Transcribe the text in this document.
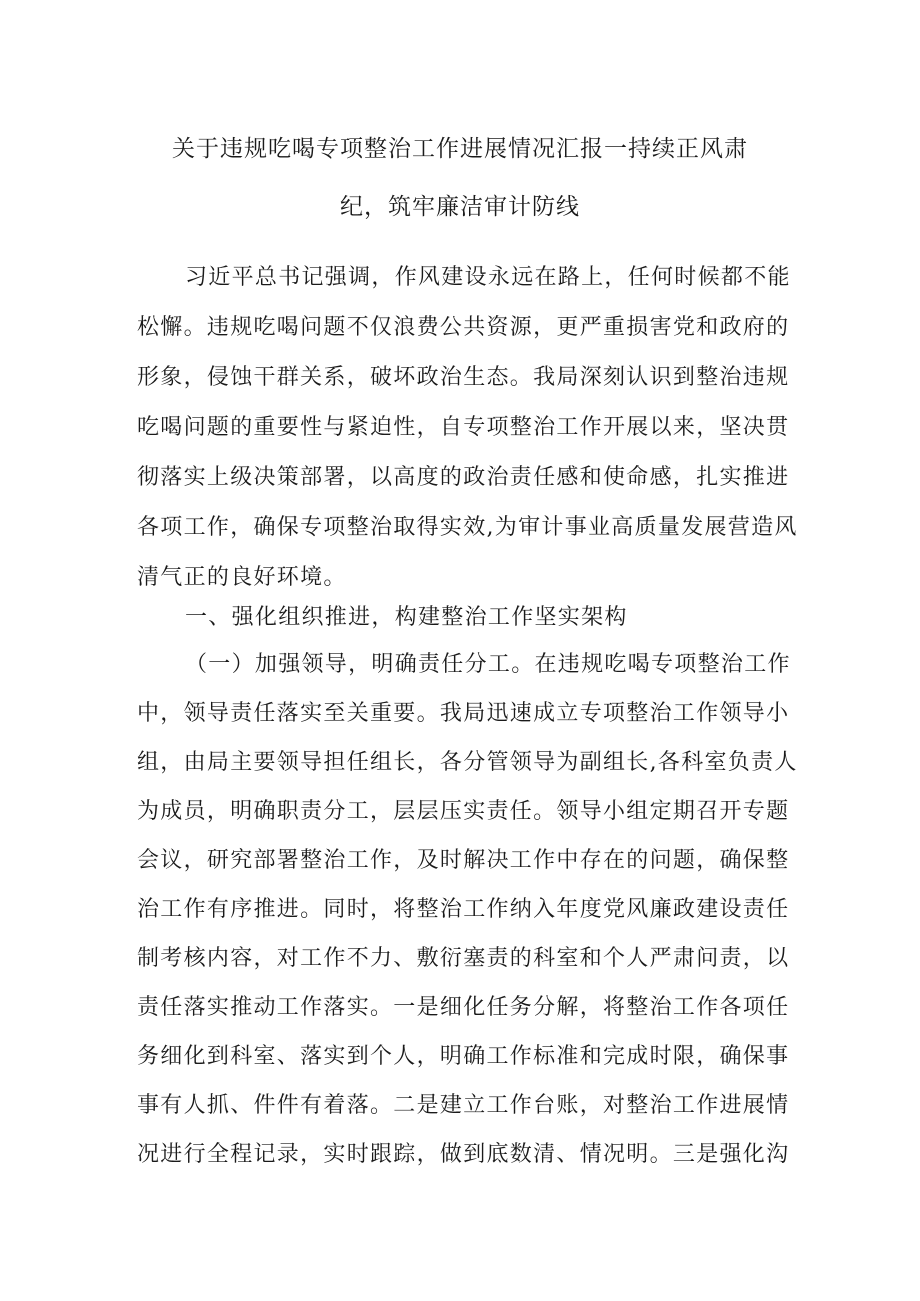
关于违规吃喝专项整治工作进展情况汇报一持续正风肃
纪，筑牢廉洁审计防线
习近平总书记强调，作风建设永远在路上，任何时候都不能
松懈。违规吃喝问题不仅浪费公共资源，更严重损害党和政府的
形象，侵蚀干群关系，破坏政治生态。我局深刻认识到整治违规
吃喝问题的重要性与紧迫性，自专项整治工作开展以来，坚决贯
彻落实上级决策部署，以高度的政治责任感和使命感，扎实推进
各项工作，确保专项整治取得实效,为审计事业高质量发展营造风
清气正的良好环境。
一、强化组织推进，构建整治工作坚实架构
（一）加强领导，明确责任分工。在违规吃喝专项整治工作
中，领导责任落实至关重要。我局迅速成立专项整治工作领导小
组，由局主要领导担任组长，各分管领导为副组长,各科室负责人
为成员，明确职责分工，层层压实责任。领导小组定期召开专题
会议，研究部署整治工作，及时解决工作中存在的问题，确保整
治工作有序推进。同时，将整治工作纳入年度党风廉政建设责任
制考核内容，对工作不力、敷衍塞责的科室和个人严肃问责，以
责任落实推动工作落实。一是细化任务分解，将整治工作各项任
务细化到科室、落实到个人，明确工作标准和完成时限，确保事
事有人抓、件件有着落。二是建立工作台账，对整治工作进展情
况进行全程记录，实时跟踪，做到底数清、情况明。三是强化沟
